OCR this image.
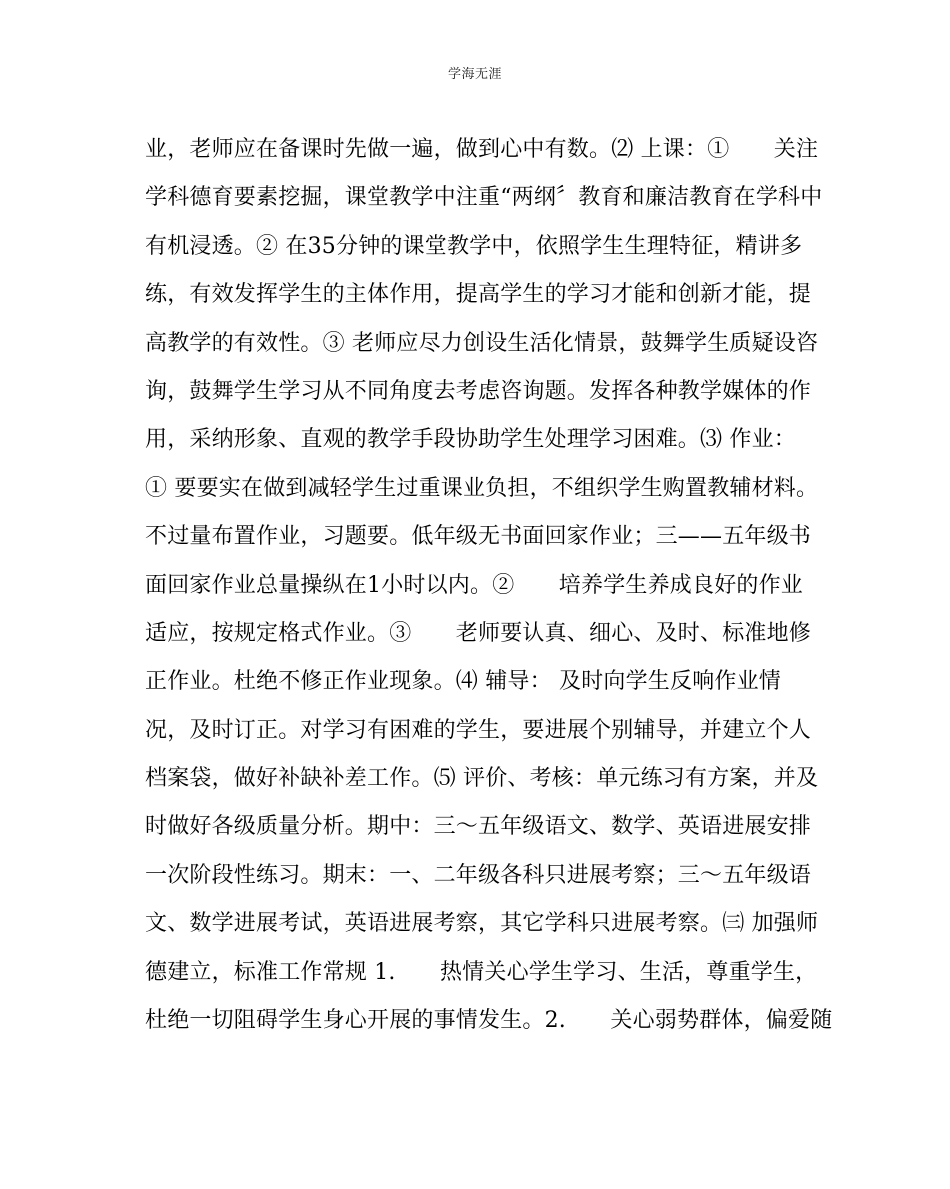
学海无涯
业，老师应在备课时先做一遍，做到心中有数。⑵ 上课：①　　关注
学科德育要素挖掘，课堂教学中注重“两纲〞教育和廉洁教育在学科中
有机浸透。② 在35分钟的课堂教学中，依照学生生理特征，精讲多
练，有效发挥学生的主体作用，提高学生的学习才能和创新才能，提
高教学的有效性。③ 老师应尽力创设生活化情景，鼓舞学生质疑设咨
询，鼓舞学生学习从不同角度去考虑咨询题。发挥各种教学媒体的作
用，采纳形象、直观的教学手段协助学生处理学习困难。⑶ 作业：
① 要要实在做到减轻学生过重课业负担，不组织学生购置教辅材料。
不过量布置作业，习题要。低年级无书面回家作业；三——五年级书
面回家作业总量操纵在1小时以内。②　　培养学生养成良好的作业
适应，按规定格式作业。③　　老师要认真、细心、及时、标准地修
正作业。杜绝不修正作业现象。⑷ 辅导： 及时向学生反响作业情
况，及时订正。对学习有困难的学生，要进展个别辅导，并建立个人
档案袋，做好补缺补差工作。⑸ 评价、考核：单元练习有方案，并及
时做好各级质量分析。期中：三～五年级语文、数学、英语进展安排
一次阶段性练习。期末：一、二年级各科只进展考察；三～五年级语
文、数学进展考试，英语进展考察，其它学科只进展考察。㈢ 加强师
德建立，标准工作常规 1.　　热情关心学生学习、生活，尊重学生，
杜绝一切阻碍学生身心开展的事情发生。2.　　关心弱势群体，偏爱随
